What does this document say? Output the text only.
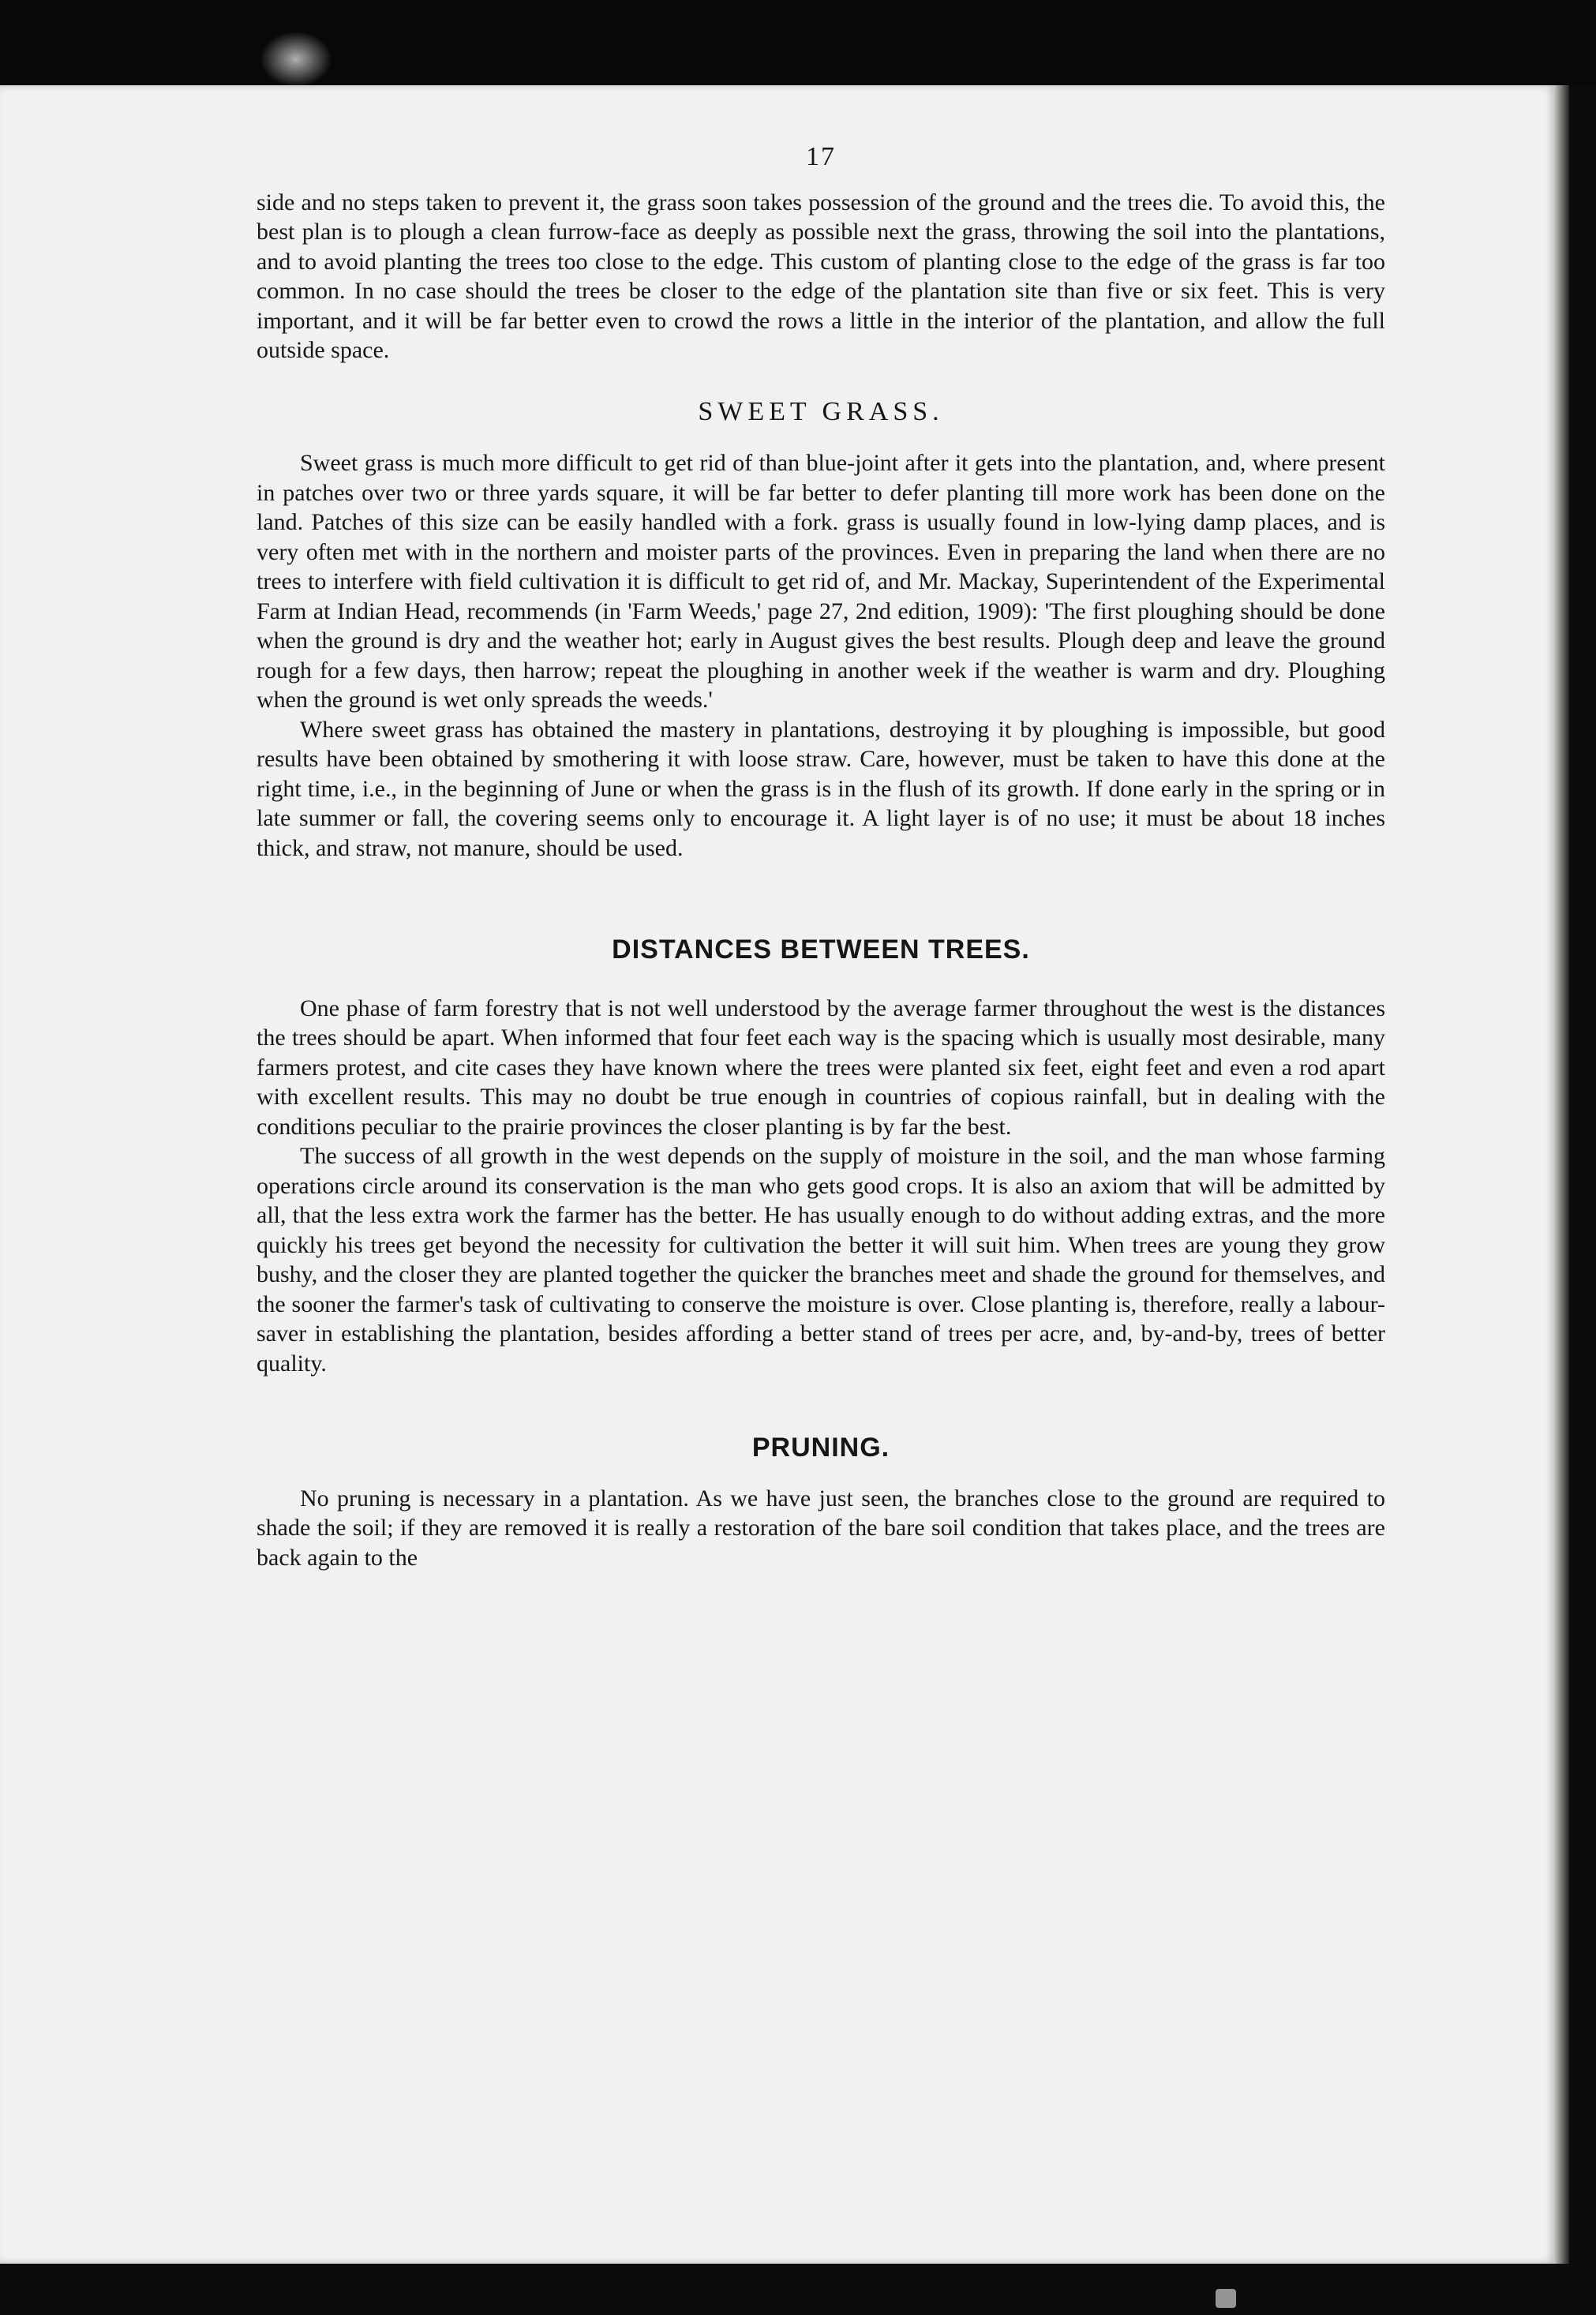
17

side and no steps taken to prevent it, the grass soon takes possession of the ground and the trees die. To avoid this, the best plan is to plough a clean furrow-face as deeply as possible next the grass, throwing the soil into the plantations, and to avoid planting the trees too close to the edge. This custom of planting close to the edge of the grass is far too common. In no case should the trees be closer to the edge of the plantation site than five or six feet. This is very important, and it will be far better even to crowd the rows a little in the interior of the plantation, and allow the full outside space.

SWEET GRASS.

Sweet grass is much more difficult to get rid of than blue-joint after it gets into the plantation, and, where present in patches over two or three yards square, it will be far better to defer planting till more work has been done on the land. Patches of this size can be easily handled with a fork. grass is usually found in low-lying damp places, and is very often met with in the northern and moister parts of the provinces. Even in preparing the land when there are no trees to interfere with field cultivation it is difficult to get rid of, and Mr. Mackay, Superintendent of the Experimental Farm at Indian Head, recommends (in 'Farm Weeds,' page 27, 2nd edition, 1909): 'The first ploughing should be done when the ground is dry and the weather hot; early in August gives the best results. Plough deep and leave the ground rough for a few days, then harrow; repeat the ploughing in another week if the weather is warm and dry. Ploughing when the ground is wet only spreads the weeds.'

Where sweet grass has obtained the mastery in plantations, destroying it by ploughing is impossible, but good results have been obtained by smothering it with loose straw. Care, however, must be taken to have this done at the right time, i.e., in the beginning of June or when the grass is in the flush of its growth. If done early in the spring or in late summer or fall, the covering seems only to encourage it. A light layer is of no use; it must be about 18 inches thick, and straw, not manure, should be used.

DISTANCES BETWEEN TREES.

One phase of farm forestry that is not well understood by the average farmer throughout the west is the distances the trees should be apart. When informed that four feet each way is the spacing which is usually most desirable, many farmers protest, and cite cases they have known where the trees were planted six feet, eight feet and even a rod apart with excellent results. This may no doubt be true enough in countries of copious rainfall, but in dealing with the conditions peculiar to the prairie provinces the closer planting is by far the best.

The success of all growth in the west depends on the supply of moisture in the soil, and the man whose farming operations circle around its conservation is the man who gets good crops. It is also an axiom that will be admitted by all, that the less extra work the farmer has the better. He has usually enough to do without adding extras, and the more quickly his trees get beyond the necessity for cultivation the better it will suit him. When trees are young they grow bushy, and the closer they are planted together the quicker the branches meet and shade the ground for themselves, and the sooner the farmer's task of cultivating to conserve the moisture is over. Close planting is, therefore, really a labour-saver in establishing the plantation, besides affording a better stand of trees per acre, and, by-and-by, trees of better quality.

PRUNING.

No pruning is necessary in a plantation. As we have just seen, the branches close to the ground are required to shade the soil; if they are removed it is really a restoration of the bare soil condition that takes place, and the trees are back again to the
